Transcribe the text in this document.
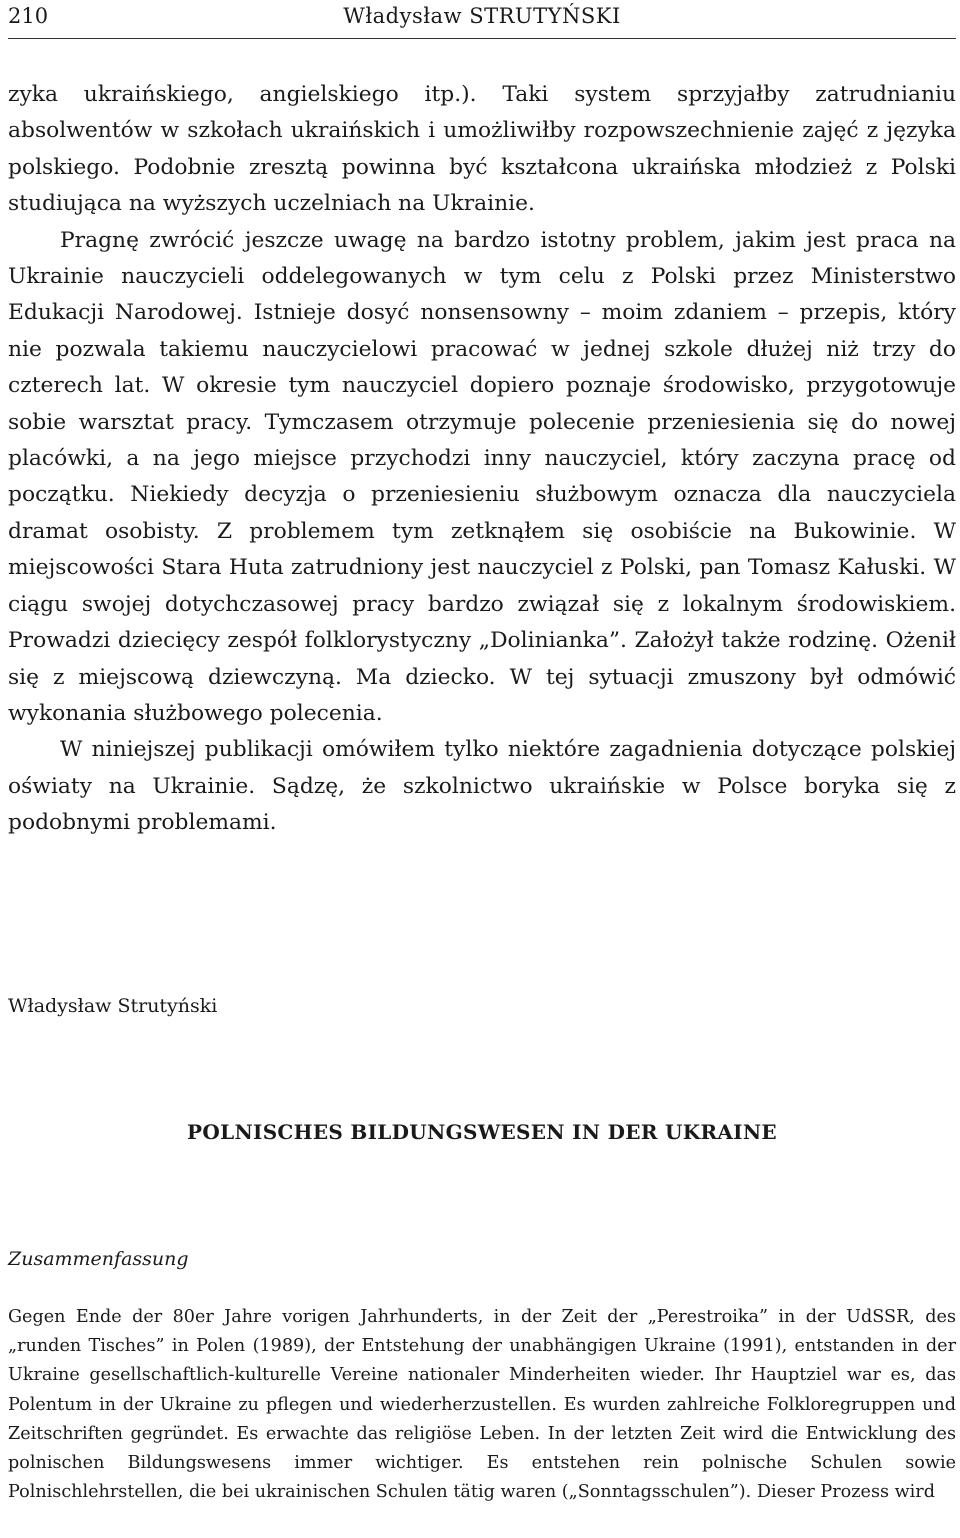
210	Władysław STRUTYŃSKI

zyka ukraińskiego, angielskiego itp.). Taki system sprzyjałby zatrudnianiu absolwentów w szkołach ukraińskich i umożliwiłby rozpowszechnienie zajęć z języka polskiego. Podobnie zresztą powinna być kształcona ukraińska młodzież z Polski studiująca na wyższych uczelniach na Ukrainie.

Pragnę zwrócić jeszcze uwagę na bardzo istotny problem, jakim jest praca na Ukrainie nauczycieli oddelegowanych w tym celu z Polski przez Ministerstwo Edukacji Narodowej. Istnieje dosyć nonsensowny – moim zdaniem – przepis, który nie pozwala takiemu nauczycielowi pracować w jednej szkole dłużej niż trzy do czterech lat. W okresie tym nauczyciel dopiero poznaje środowisko, przygotowuje sobie warsztat pracy. Tymczasem otrzymuje polecenie przeniesienia się do nowej placówki, a na jego miejsce przychodzi inny nauczyciel, który zaczyna pracę od początku. Niekiedy decyzja o przeniesieniu służbowym oznacza dla nauczyciela dramat osobisty. Z problemem tym zetknąłem się osobiście na Bukowinie. W miejscowości Stara Huta zatrudniony jest nauczyciel z Polski, pan Tomasz Kałuski. W ciągu swojej dotychczasowej pracy bardzo związał się z lokalnym środowiskiem. Prowadzi dziecięcy zespół folklorystyczny „Dolinianka”. Założył także rodzinę. Ożenił się z miejscową dziewczyną. Ma dziecko. W tej sytuacji zmuszony był odmówić wykonania służbowego polecenia.

W niniejszej publikacji omówiłem tylko niektóre zagadnienia dotyczące polskiej oświaty na Ukrainie. Sądzę, że szkolnictwo ukraińskie w Polsce boryka się z podobnymi problemami.

Władysław Strutyński
POLNISCHES BILDUNGSWESEN IN DER UKRAINE
Zusammenfassung

Gegen Ende der 80er Jahre vorigen Jahrhunderts, in der Zeit der „Perestroika” in der UdSSR, des „runden Tisches” in Polen (1989), der Entstehung der unabhängigen Ukraine (1991), entstanden in der Ukraine gesellschaftlich-kulturelle Vereine nationaler Minderheiten wieder. Ihr Hauptziel war es, das Polentum in der Ukraine zu pflegen und wiederherzustellen. Es wurden zahlreiche Folkloregruppen und Zeitschriften gegründet. Es erwachte das religiöse Leben. In der letzten Zeit wird die Entwicklung des polnischen Bildungswesens immer wichtiger. Es entstehen rein polnische Schulen sowie Polnischlehrstellen, die bei ukrainischen Schulen tätig waren („Sonntagsschulen”). Dieser Prozess wird
